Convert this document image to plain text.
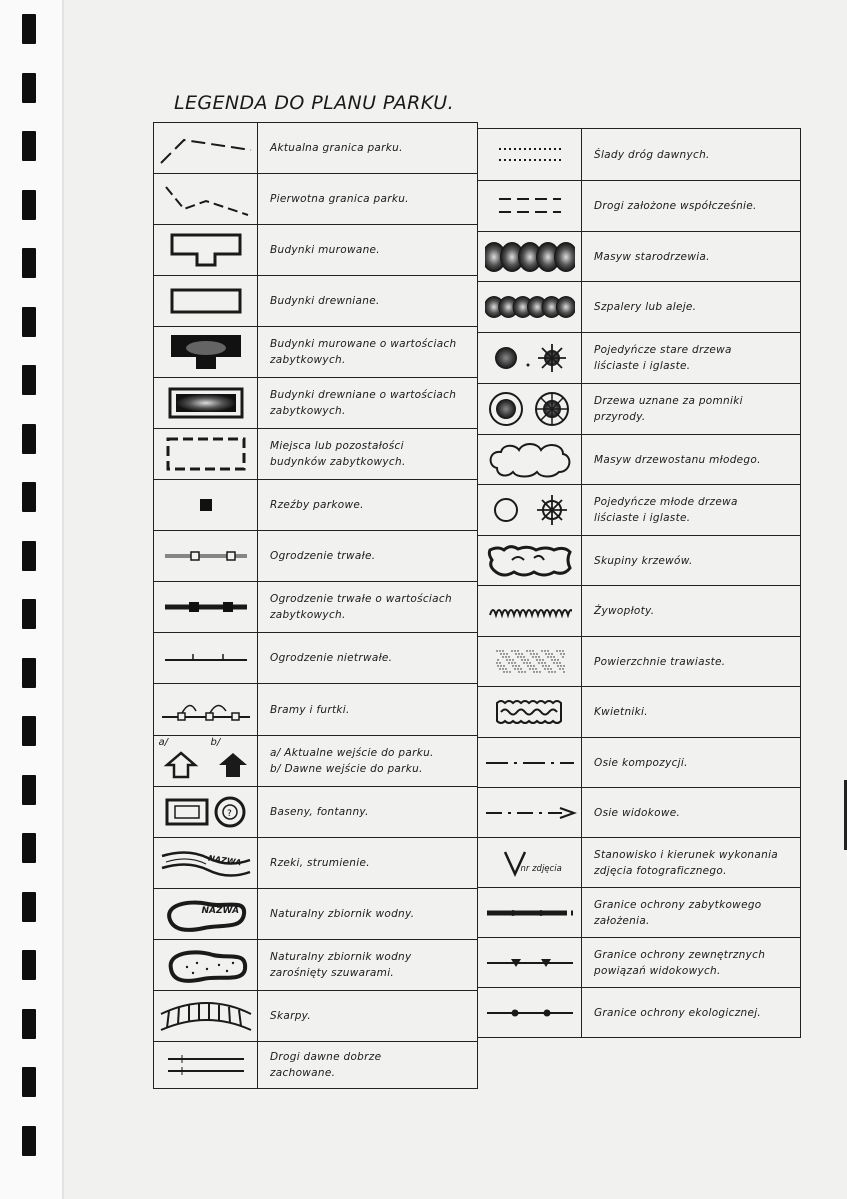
LEGENDA DO PLANU PARKU.
Aktualna granica parku.
Pierwotna granica parku.
Budynki murowane.
Budynki drewniane.
Budynki murowane o wartościach
zabytkowych.
Budynki drewniane o wartościach
zabytkowych.
Miejsca lub pozostałości
budynków zabytkowych.
Rzeźby parkowe.
Ogrodzenie trwałe.
Ogrodzenie trwałe o wartościach
zabytkowych.
Ogrodzenie nietrwałe.
Bramy i furtki.
a/	b/
a/ Aktualne wejście do parku.
b/ Dawne wejście do parku.
?	Baseny, fontanny.
NAZWA	Rzeki, strumienie.
NAZWA	Naturalny zbiornik wodny.
Naturalny zbiornik wodny
zarośnięty szuwarami.
Skarpy.
Drogi dawne dobrze
zachowane.
Ślady dróg dawnych.
Drogi założone współcześnie.
Masyw starodrzewia.
Szpalery lub aleje.
Pojedyńcze stare drzewa
liściaste i iglaste.
Drzewa uznane za pomniki
przyrody.
Masyw drzewostanu młodego.
Pojedyńcze młode drzewa
liściaste i iglaste.
Skupiny krzewów.
Żywopłoty.
Powierzchnie trawiaste.
Kwietniki.
Osie kompozycji.
Osie widokowe.
nr zdjęcia
Stanowisko i kierunek wykonania
zdjęcia fotograficznego.
Granice ochrony zabytkowego
założenia.
Granice ochrony zewnętrznych
powiązań widokowych.
Granice ochrony ekologicznej.
